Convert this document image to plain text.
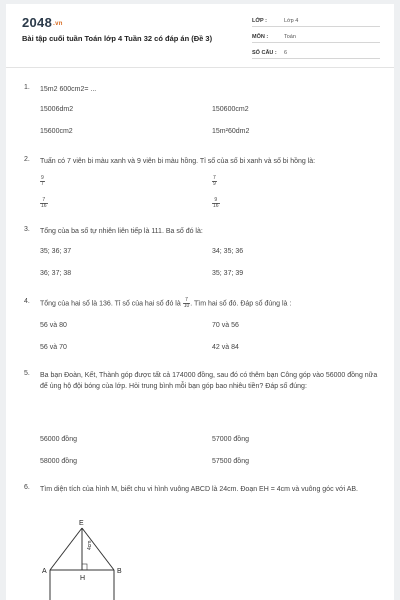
2048.vn
Bài tập cuối tuần Toán lớp 4 Tuần 32 có đáp án (Đề 3)
LỚP :	Lớp 4
MÔN :	Toán
SỐ CÂU : 6
1. 15m2 600cm2= ...
15006dm2	150600cm2
15600cm2	15m²60dm2
2. Tuấn có 7 viên bi màu xanh và 9 viên bi màu hồng. Tỉ số của số bi xanh và số bi hồng là:
$\frac{9}{7}$	$\frac{7}{9}$
$\frac{7}{16}$	$\frac{9}{16}$
3. Tổng của ba số tự nhiên liên tiếp là 111. Ba số đó là:
35; 36; 37	34; 35; 36
36; 37; 38	35; 37; 39
4. Tổng của hai số là 136. Tỉ số của hai số đó là $\frac{7}{10}$ . Tìm hai số đó. Đáp số đúng là :
56 và 80	70 và 56
56 và 70	42 và 84
5. Ba bạn Đoàn, Kết, Thành góp được tất cả 174000 đồng, sau đó có thêm bạn Công góp vào 56000 đồng nữa để ủng hộ đội bóng của lớp. Hỏi trung bình mỗi bạn góp bao nhiêu tiền? Đáp số đúng:
56000 đồng	57000 đồng
58000 đồng	57500 đồng
6. Tìm diện tích của hình M, biết chu vi hình vuông ABCD là 24cm. Đoạn EH = 4cm và vuông góc với AB.
E
A	B
H
4cm
